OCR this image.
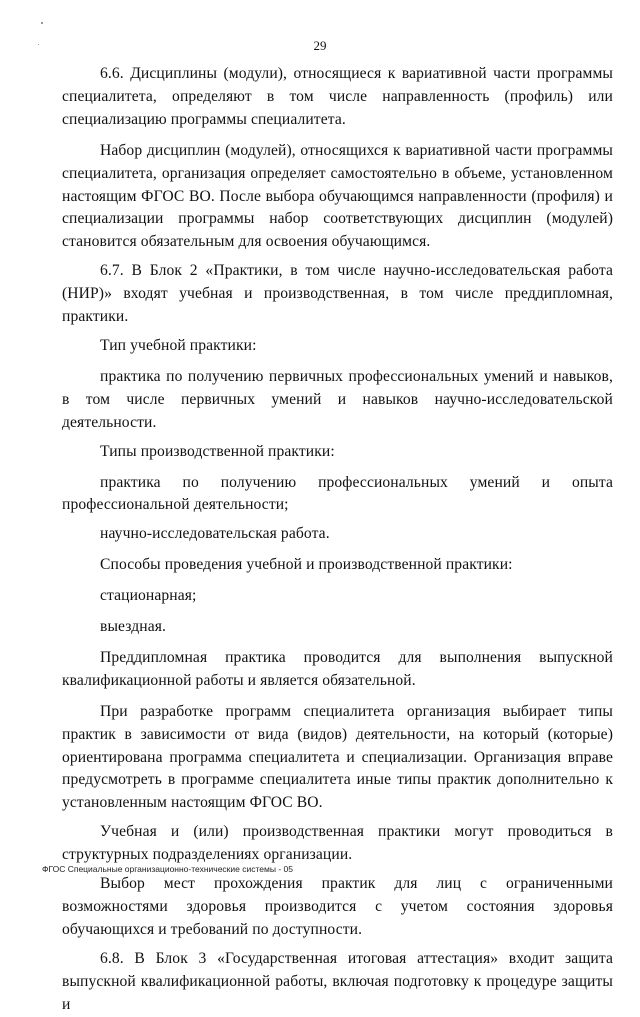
29

6.6. Дисциплины (модули), относящиеся к вариативной части программы специалитета, определяют в том числе направленность (профиль) или специализацию программы специалитета.

Набор дисциплин (модулей), относящихся к вариативной части программы специалитета, организация определяет самостоятельно в объеме, установленном настоящим ФГОС ВО. После выбора обучающимся направленности (профиля) и специализации программы набор соответствующих дисциплин (модулей) становится обязательным для освоения обучающимся.

6.7. В Блок 2 «Практики, в том числе научно-исследовательская работа (НИР)» входят учебная и производственная, в том числе преддипломная, практики.

Тип учебной практики:

практика по получению первичных профессиональных умений и навыков, в том числе первичных умений и навыков научно-исследовательской деятельности.

Типы производственной практики:

практика по получению профессиональных умений и опыта профессиональной деятельности;

научно-исследовательская работа.

Способы проведения учебной и производственной практики:

стационарная;

выездная.

Преддипломная практика проводится для выполнения выпускной квалификационной работы и является обязательной.

При разработке программ специалитета организация выбирает типы практик в зависимости от вида (видов) деятельности, на который (которые) ориентирована программа специалитета и специализации. Организация вправе предусмотреть в программе специалитета иные типы практик дополнительно к установленным настоящим ФГОС ВО.

Учебная и (или) производственная практики могут проводиться в структурных подразделениях организации.

Выбор мест прохождения практик для лиц с ограниченными возможностями здоровья производится с учетом состояния здоровья обучающихся и требований по доступности.

6.8. В Блок 3 «Государственная итоговая аттестация» входит защита выпускной квалификационной работы, включая подготовку к процедуре защиты и

ФГОС Специальные организационно-технические системы - 05
